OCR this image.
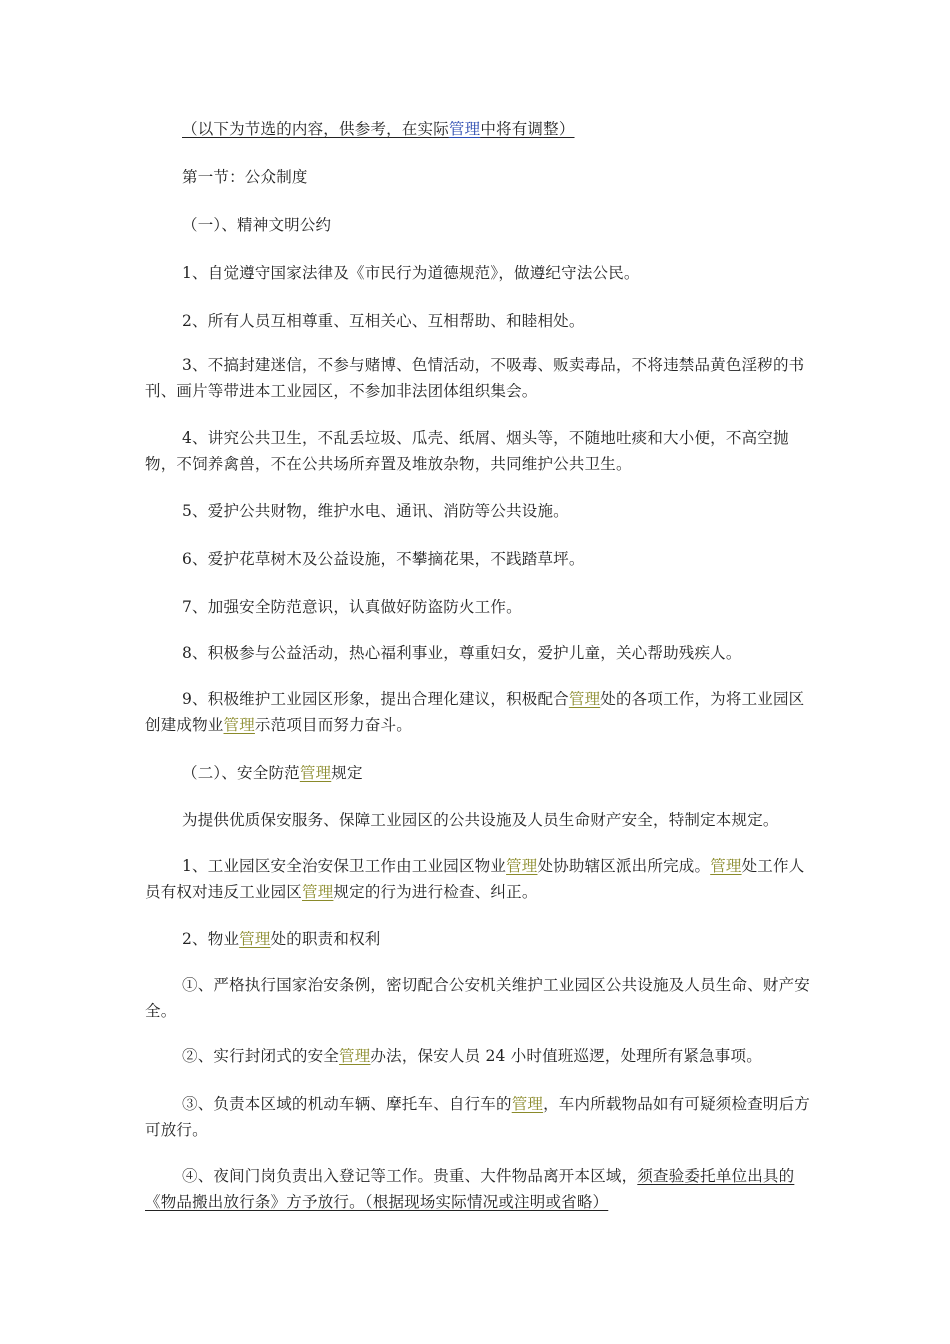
（以下为节选的内容，供参考，在实际管理中将有调整）

第一节：公众制度

（一）、精神文明公约

1、自觉遵守国家法律及《市民行为道德规范》，做遵纪守法公民。

2、所有人员互相尊重、互相关心、互相帮助、和睦相处。

3、不搞封建迷信，不参与赌博、色情活动，不吸毒、贩卖毒品，不将违禁品黄色淫秽的书刊、画片等带进本工业园区，不参加非法团体组织集会。

4、讲究公共卫生，不乱丢垃圾、瓜壳、纸屑、烟头等，不随地吐痰和大小便，不高空抛物，不饲养禽兽，不在公共场所弃置及堆放杂物，共同维护公共卫生。

5、爱护公共财物，维护水电、通讯、消防等公共设施。

6、爱护花草树木及公益设施，不攀摘花果，不践踏草坪。

7、加强安全防范意识，认真做好防盗防火工作。

8、积极参与公益活动，热心福利事业，尊重妇女，爱护儿童，关心帮助残疾人。

9、积极维护工业园区形象，提出合理化建议，积极配合管理处的各项工作，为将工业园区创建成物业管理示范项目而努力奋斗。

（二）、安全防范管理规定

为提供优质保安服务、保障工业园区的公共设施及人员生命财产安全，特制定本规定。

1、工业园区安全治安保卫工作由工业园区物业管理处协助辖区派出所完成。管理处工作人员有权对违反工业园区管理规定的行为进行检查、纠正。

2、物业管理处的职责和权利

①、严格执行国家治安条例，密切配合公安机关维护工业园区公共设施及人员生命、财产安全。

②、实行封闭式的安全管理办法，保安人员 24 小时值班巡逻，处理所有紧急事项。

③、负责本区域的机动车辆、摩托车、自行车的管理，车内所载物品如有可疑须检查明后方可放行。

④、夜间门岗负责出入登记等工作。贵重、大件物品离开本区域，须查验委托单位出具的《物品搬出放行条》方予放行。（根据现场实际情况或注明或省略）
